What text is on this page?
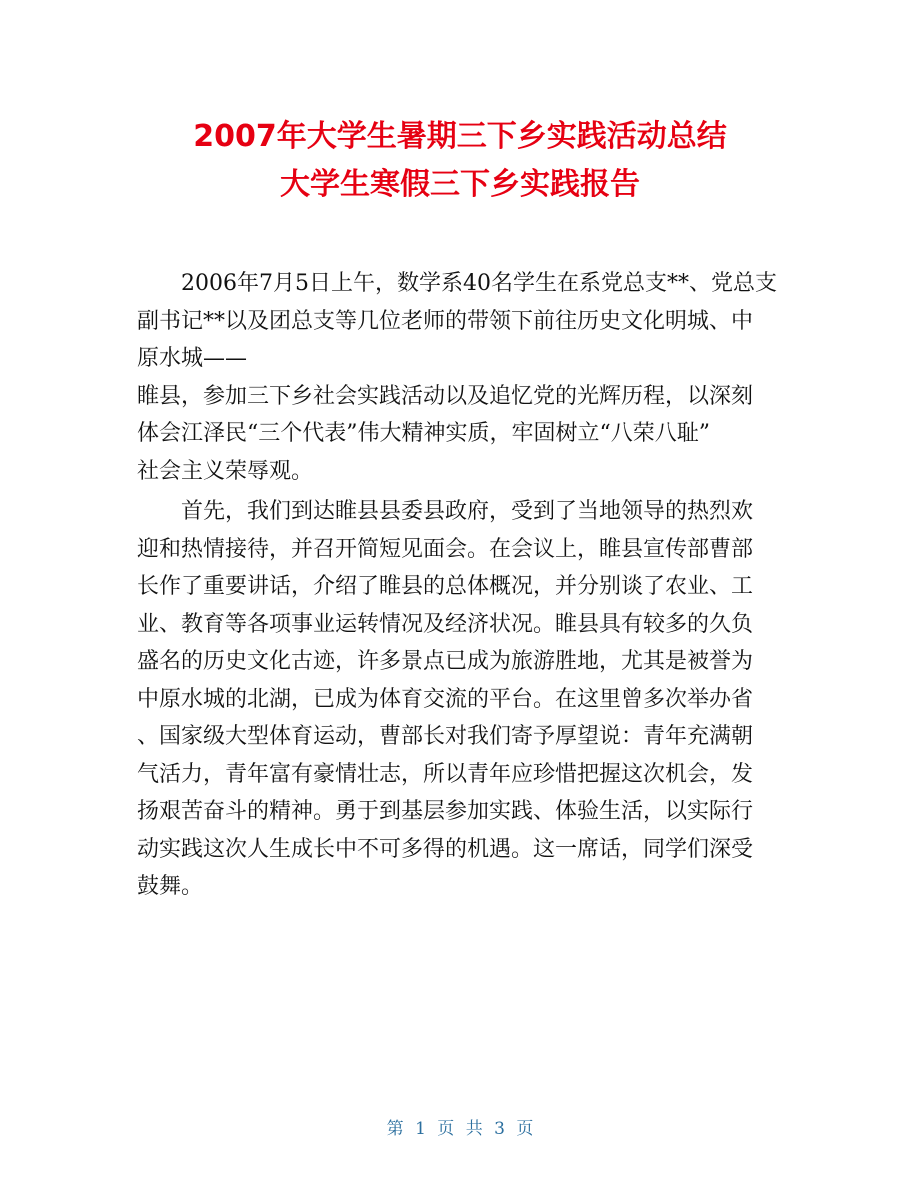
2007年大学生暑期三下乡实践活动总结
大学生寒假三下乡实践报告
2006年7月5日上午，数学系40名学生在系党总支**、党总支
副书记**以及团总支等几位老师的带领下前往历史文化明城、中
原水城——
睢县，参加三下乡社会实践活动以及追忆党的光辉历程，以深刻
体会江泽民“三个代表”伟大精神实质，牢固树立“八荣八耻”
社会主义荣辱观。
首先，我们到达睢县县委县政府，受到了当地领导的热烈欢
迎和热情接待，并召开简短见面会。在会议上，睢县宣传部曹部
长作了重要讲话，介绍了睢县的总体概况，并分别谈了农业、工
业、教育等各项事业运转情况及经济状况。睢县具有较多的久负
盛名的历史文化古迹，许多景点已成为旅游胜地，尤其是被誉为
中原水城的北湖，已成为体育交流的平台。在这里曾多次举办省
、国家级大型体育运动，曹部长对我们寄予厚望说：青年充满朝
气活力，青年富有豪情壮志，所以青年应珍惜把握这次机会，发
扬艰苦奋斗的精神。勇于到基层参加实践、体验生活，以实际行
动实践这次人生成长中不可多得的机遇。这一席话，同学们深受
鼓舞。
第 1 页 共 3 页
